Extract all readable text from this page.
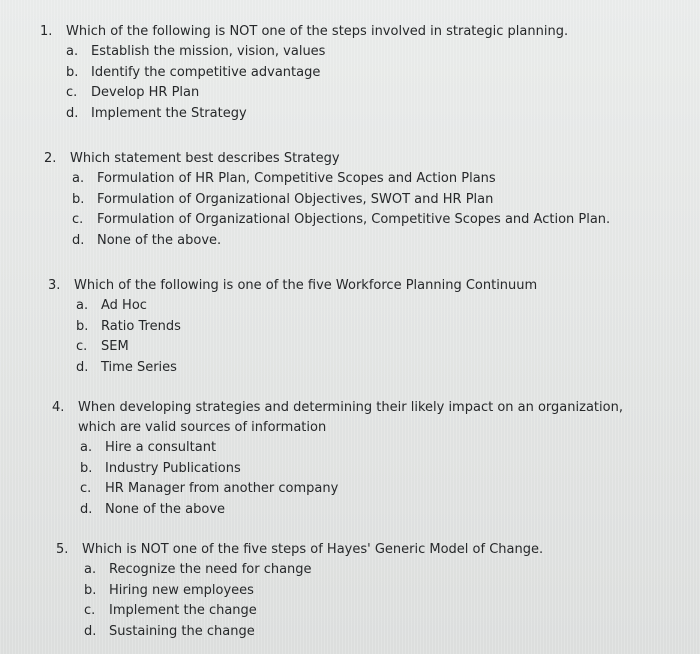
1.	Which of the following is NOT one of the steps involved in strategic planning.
a. Establish the mission, vision, values
b. Identify the competitive advantage
c.	Develop HR Plan
d. Implement the Strategy
2.	Which statement best describes Strategy
a. Formulation of HR Plan, Competitive Scopes and Action Plans
b. Formulation of Organizational Objectives, SWOT and HR Plan
c.	Formulation of Organizational Objections, Competitive Scopes and Action Plan.
d. None of the above.
3.	Which of the following is one of the five Workforce Planning Continuum
a. Ad Hoc
b. Ratio Trends
c.	SEM
d. Time Series
4.	When developing strategies and determining their likely impact on an organization, which are valid sources of information
a. Hire a consultant
b. Industry Publications
c.	HR Manager from another company
d. None of the above
5.	Which is NOT one of the five steps of Hayes' Generic Model of Change.
a. Recognize the need for change
b. Hiring new employees
c.	Implement the change
d. Sustaining the change
